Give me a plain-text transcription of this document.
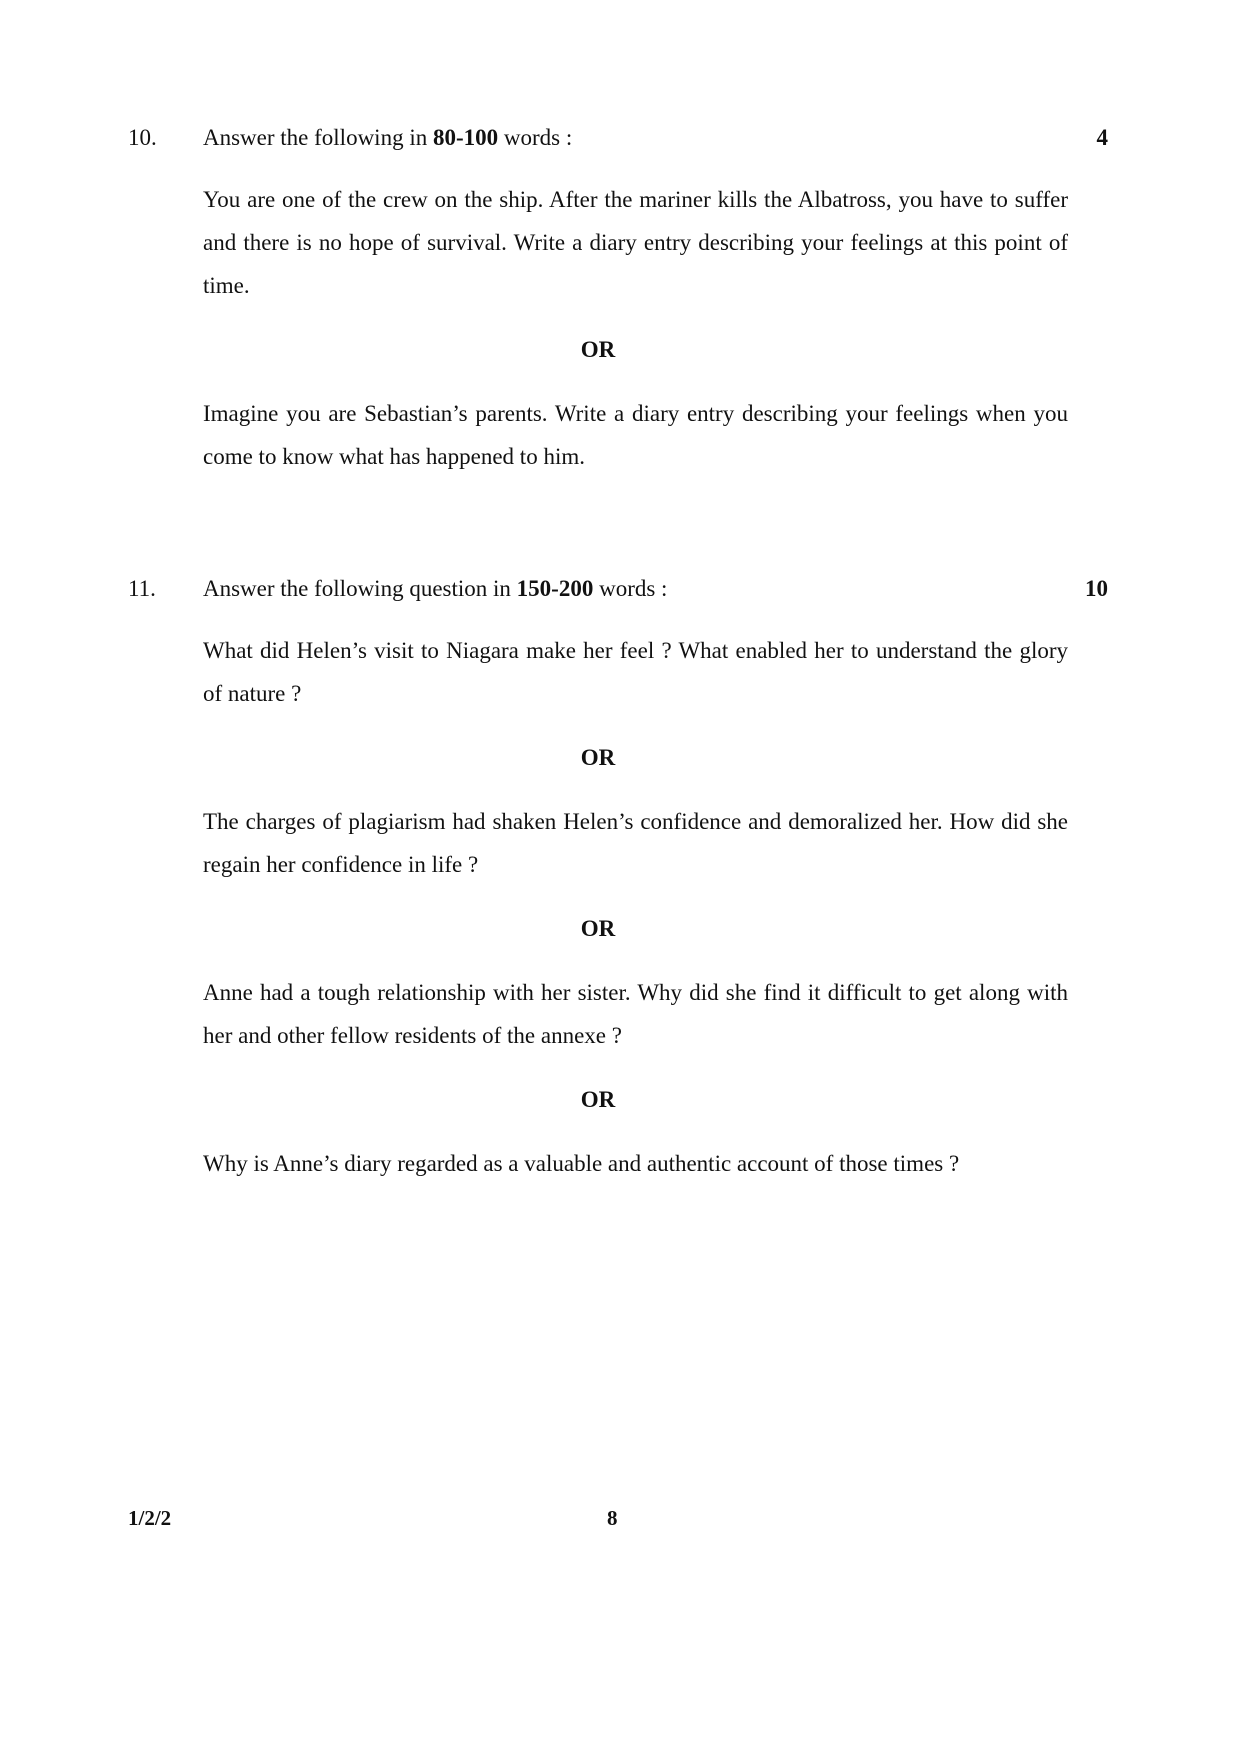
10. Answer the following in 80-100 words :	4
You are one of the crew on the ship. After the mariner kills the Albatross, you have to suffer and there is no hope of survival. Write a diary entry describing your feelings at this point of time.
OR
Imagine you are Sebastian’s parents. Write a diary entry describing your feelings when you come to know what has happened to him.
11. Answer the following question in 150-200 words :	10
What did Helen’s visit to Niagara make her feel ? What enabled her to understand the glory of nature ?
OR
The charges of plagiarism had shaken Helen’s confidence and demoralized her. How did she regain her confidence in life ?
OR
Anne had a tough relationship with her sister. Why did she find it difficult to get along with her and other fellow residents of the annexe ?
OR
Why is Anne’s diary regarded as a valuable and authentic account of those times ?
1/2/2	8
